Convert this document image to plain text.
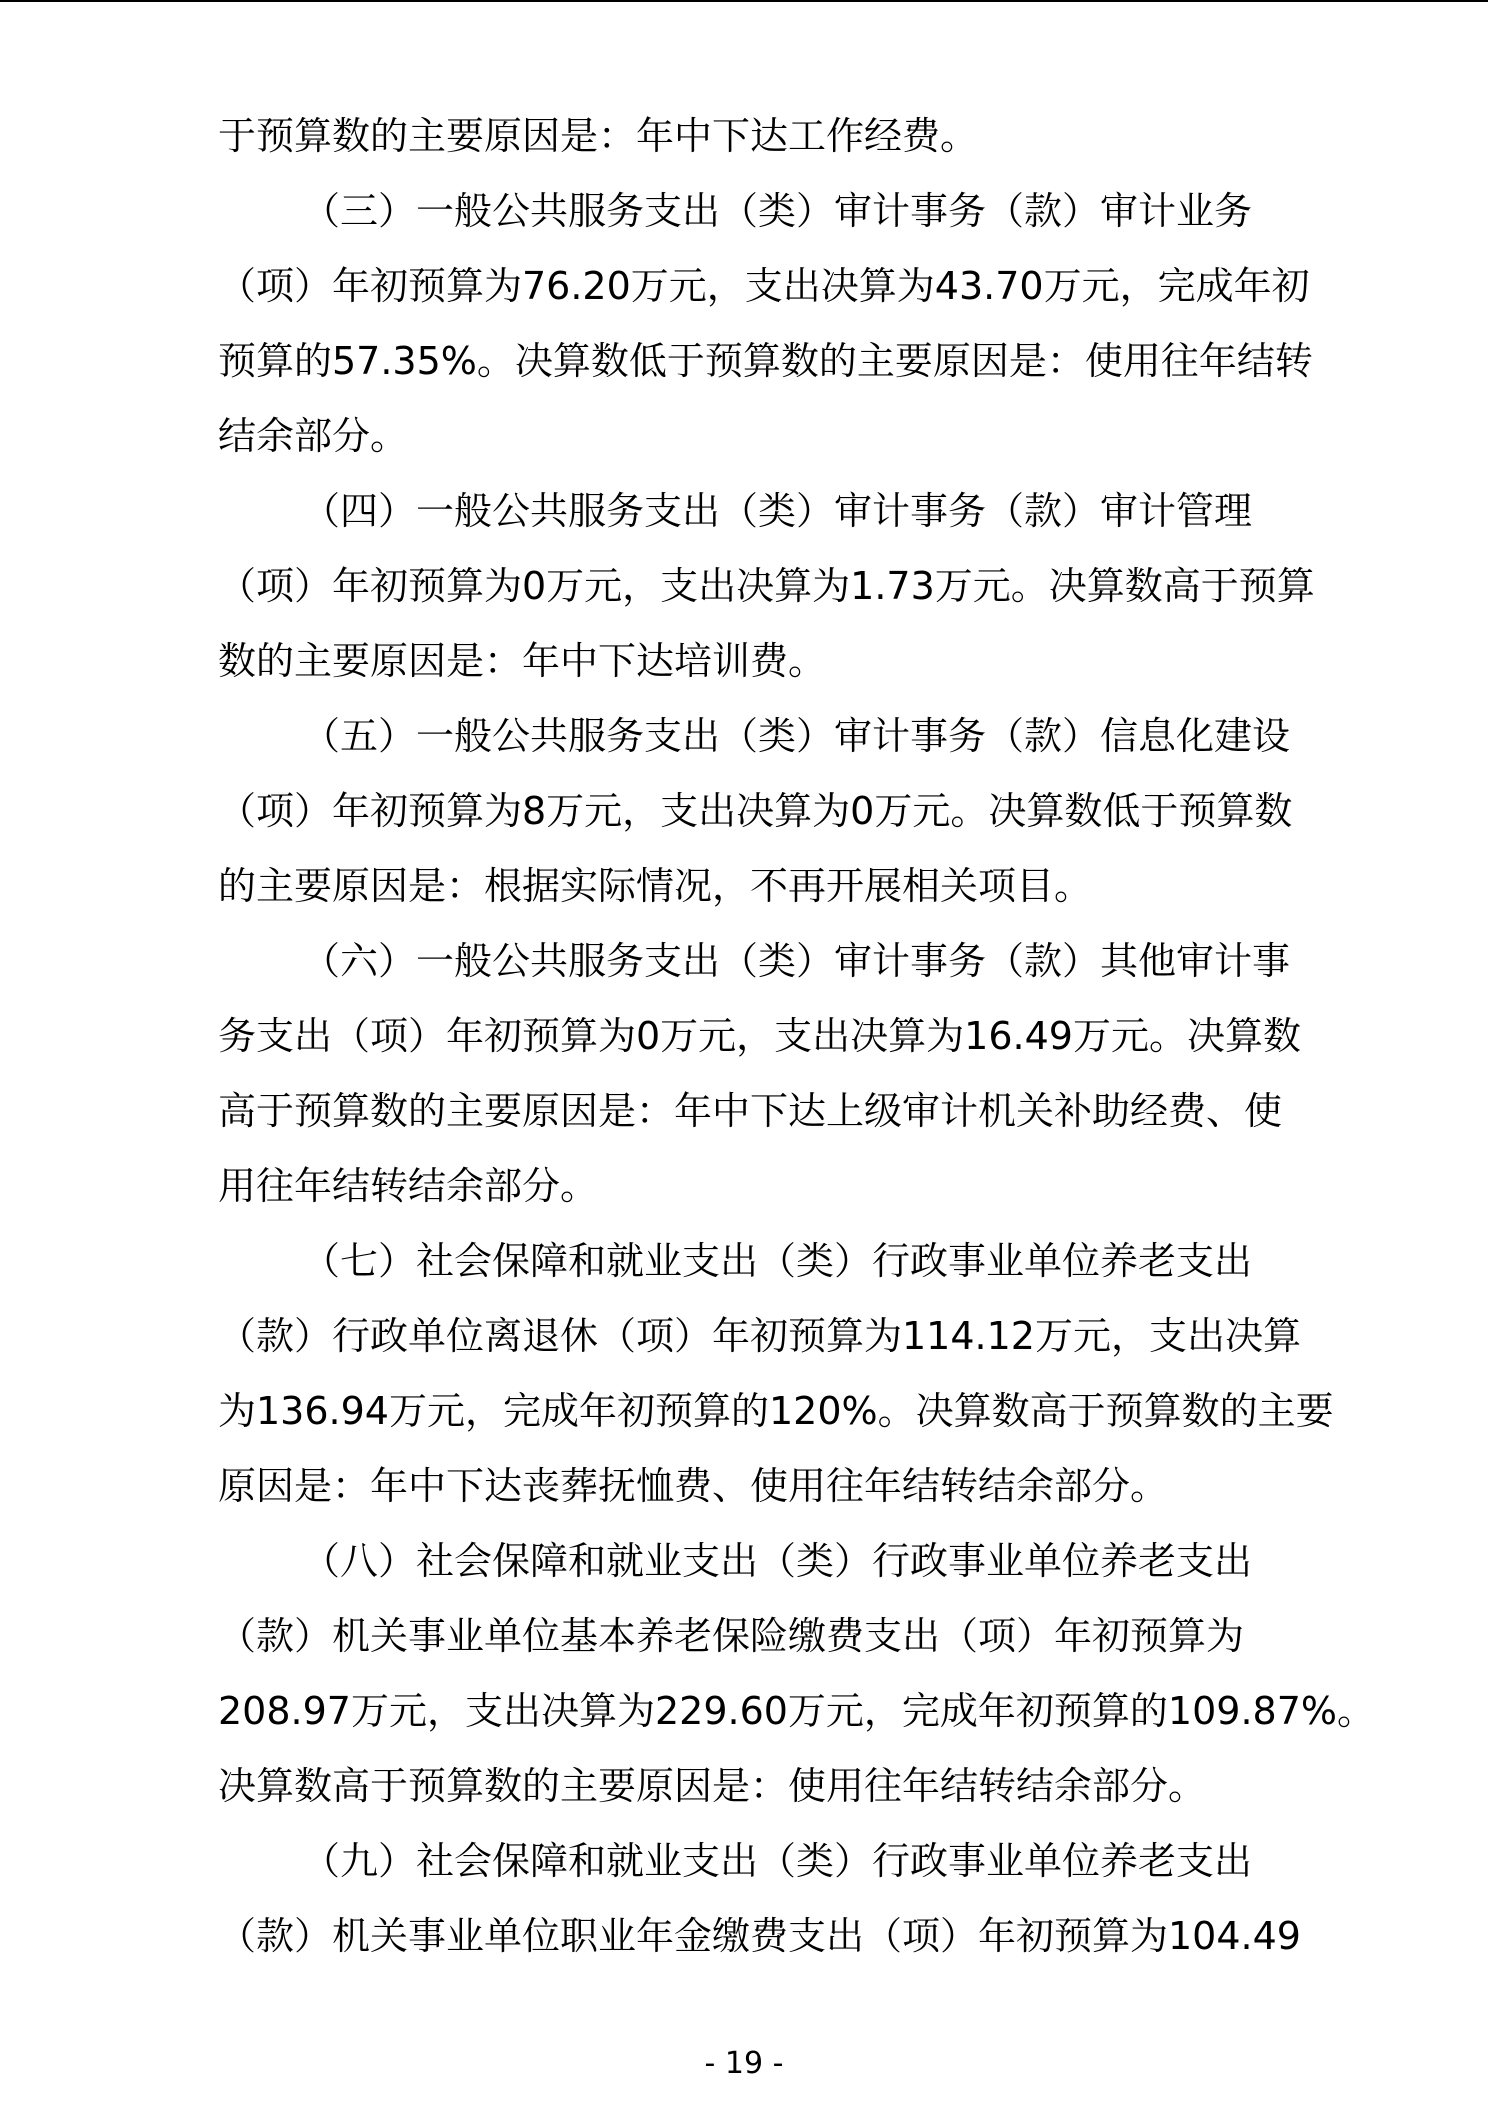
于预算数的主要原因是：年中下达工作经费。
（三）一般公共服务支出（类）审计事务（款）审计业务
（项）年初预算为76.20万元，支出决算为43.70万元，完成年初
预算的57.35%。决算数低于预算数的主要原因是：使用往年结转
结余部分。
（四）一般公共服务支出（类）审计事务（款）审计管理
（项）年初预算为0万元，支出决算为1.73万元。决算数高于预算
数的主要原因是：年中下达培训费。
（五）一般公共服务支出（类）审计事务（款）信息化建设
（项）年初预算为8万元，支出决算为0万元。决算数低于预算数
的主要原因是：根据实际情况，不再开展相关项目。
（六）一般公共服务支出（类）审计事务（款）其他审计事
务支出（项）年初预算为0万元，支出决算为16.49万元。决算数
高于预算数的主要原因是：年中下达上级审计机关补助经费、使
用往年结转结余部分。
（七）社会保障和就业支出（类）行政事业单位养老支出
（款）行政单位离退休（项）年初预算为114.12万元，支出决算
为136.94万元，完成年初预算的120%。决算数高于预算数的主要
原因是：年中下达丧葬抚恤费、使用往年结转结余部分。
（八）社会保障和就业支出（类）行政事业单位养老支出
（款）机关事业单位基本养老保险缴费支出（项）年初预算为
208.97万元，支出决算为229.60万元，完成年初预算的109.87%。
决算数高于预算数的主要原因是：使用往年结转结余部分。
（九）社会保障和就业支出（类）行政事业单位养老支出
（款）机关事业单位职业年金缴费支出（项）年初预算为104.49
- 19 -
